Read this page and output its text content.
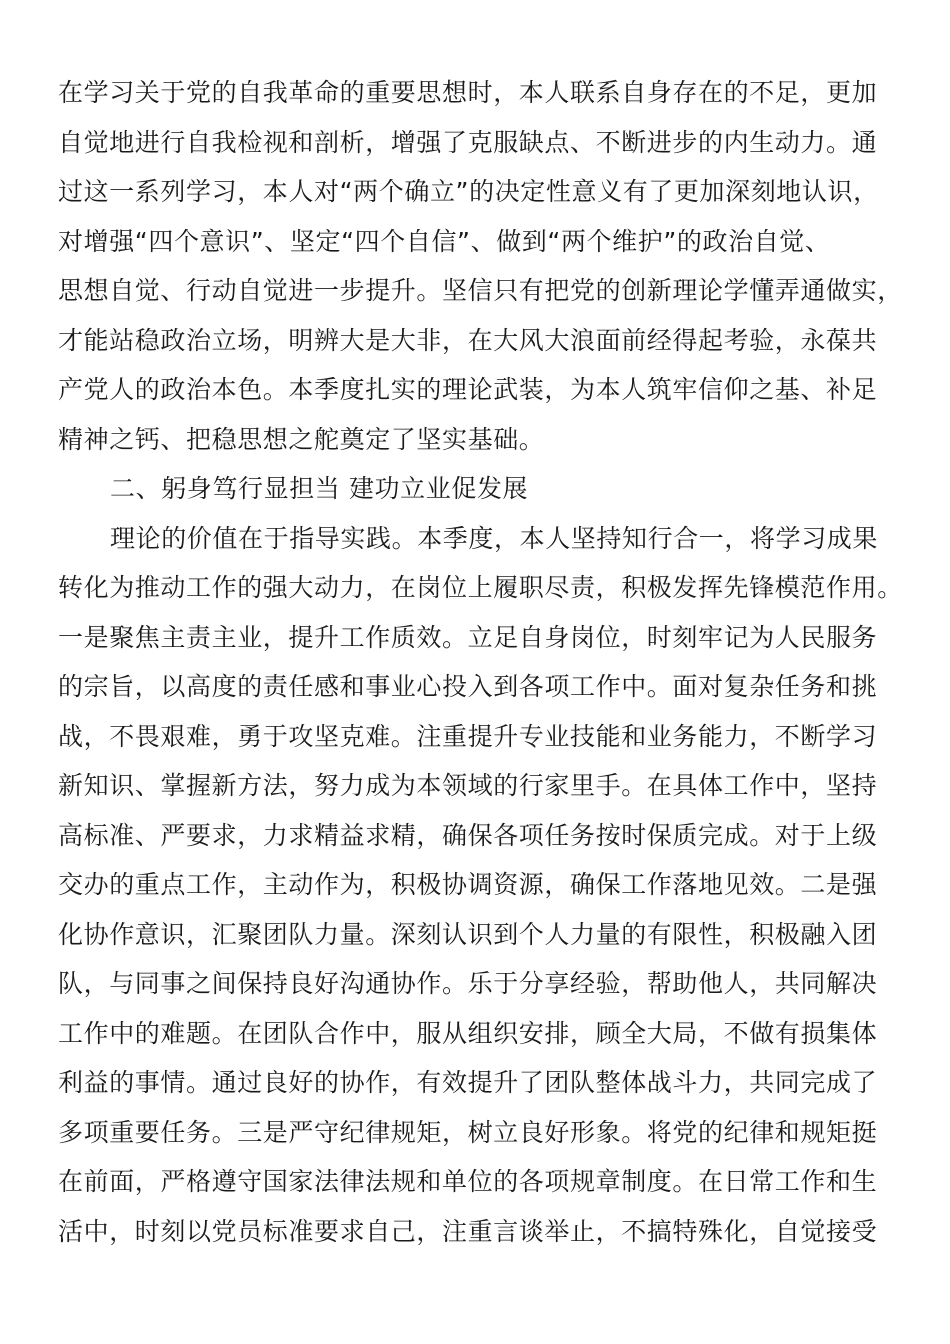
在学习关于党的自我革命的重要思想时，本人联系自身存在的不足，更加
自觉地进行自我检视和剖析，增强了克服缺点、不断进步的内生动力。通
过这一系列学习，本人对“两个确立”的决定性意义有了更加深刻地认识，
对增强“四个意识”、坚定“四个自信”、做到“两个维护”的政治自觉、
思想自觉、行动自觉进一步提升。坚信只有把党的创新理论学懂弄通做实，
才能站稳政治立场，明辨大是大非，在大风大浪面前经得起考验，永葆共
产党人的政治本色。本季度扎实的理论武装，为本人筑牢信仰之基、补足
精神之钙、把稳思想之舵奠定了坚实基础。
二、躬身笃行显担当 建功立业促发展
理论的价值在于指导实践。本季度，本人坚持知行合一，将学习成果
转化为推动工作的强大动力，在岗位上履职尽责，积极发挥先锋模范作用。
一是聚焦主责主业，提升工作质效。立足自身岗位，时刻牢记为人民服务
的宗旨，以高度的责任感和事业心投入到各项工作中。面对复杂任务和挑
战，不畏艰难，勇于攻坚克难。注重提升专业技能和业务能力，不断学习
新知识、掌握新方法，努力成为本领域的行家里手。在具体工作中，坚持
高标准、严要求，力求精益求精，确保各项任务按时保质完成。对于上级
交办的重点工作，主动作为，积极协调资源，确保工作落地见效。二是强
化协作意识，汇聚团队力量。深刻认识到个人力量的有限性，积极融入团
队，与同事之间保持良好沟通协作。乐于分享经验，帮助他人，共同解决
工作中的难题。在团队合作中，服从组织安排，顾全大局，不做有损集体
利益的事情。通过良好的协作，有效提升了团队整体战斗力，共同完成了
多项重要任务。三是严守纪律规矩，树立良好形象。将党的纪律和规矩挺
在前面，严格遵守国家法律法规和单位的各项规章制度。在日常工作和生
活中，时刻以党员标准要求自己，注重言谈举止，不搞特殊化，自觉接受
